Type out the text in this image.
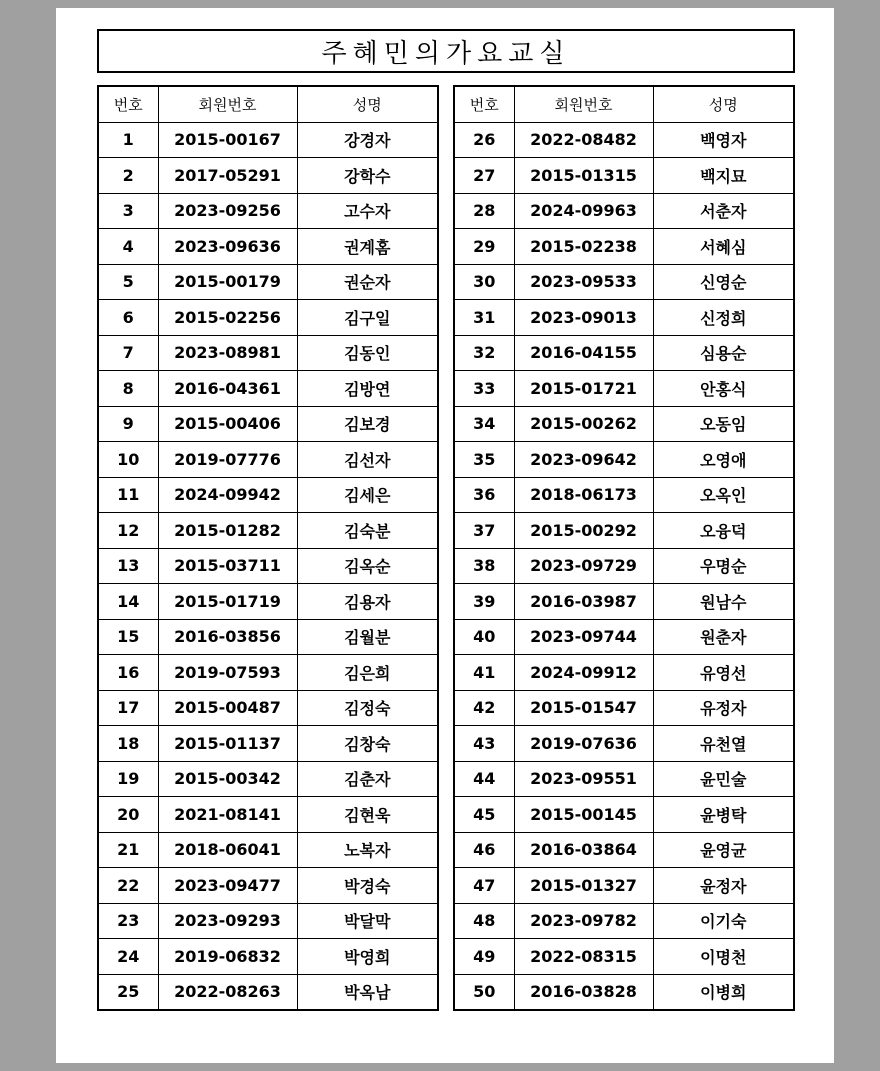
주혜민의가요교실
번호	회원번호	성명
1	2015-00167	강경자
2	2017-05291	강학수
3	2023-09256	고수자
4	2023-09636	권계홈
5	2015-00179	권순자
6	2015-02256	김구일
7	2023-08981	김동인
8	2016-04361	김방연
9	2015-00406	김보경
10	2019-07776	김선자
11	2024-09942	김세은
12	2015-01282	김숙분
13	2015-03711	김옥순
14	2015-01719	김용자
15	2016-03856	김월분
16	2019-07593	김은희
17	2015-00487	김정숙
18	2015-01137	김창숙
19	2015-00342	김춘자
20	2021-08141	김현욱
21	2018-06041	노복자
22	2023-09477	박경숙
23	2023-09293	박달막
24	2019-06832	박영희
25	2022-08263	박옥남
번호	회원번호	성명
26	2022-08482	백영자
27	2015-01315	백지묘
28	2024-09963	서춘자
29	2015-02238	서혜심
30	2023-09533	신영순
31	2023-09013	신정희
32	2016-04155	심용순
33	2015-01721	안홍식
34	2015-00262	오동임
35	2023-09642	오영애
36	2018-06173	오옥인
37	2015-00292	오융덕
38	2023-09729	우명순
39	2016-03987	원남수
40	2023-09744	원춘자
41	2024-09912	유영선
42	2015-01547	유정자
43	2019-07636	유천열
44	2023-09551	윤민술
45	2015-00145	윤병탁
46	2016-03864	윤영균
47	2015-01327	윤정자
48	2023-09782	이기숙
49	2022-08315	이명천
50	2016-03828	이병희
